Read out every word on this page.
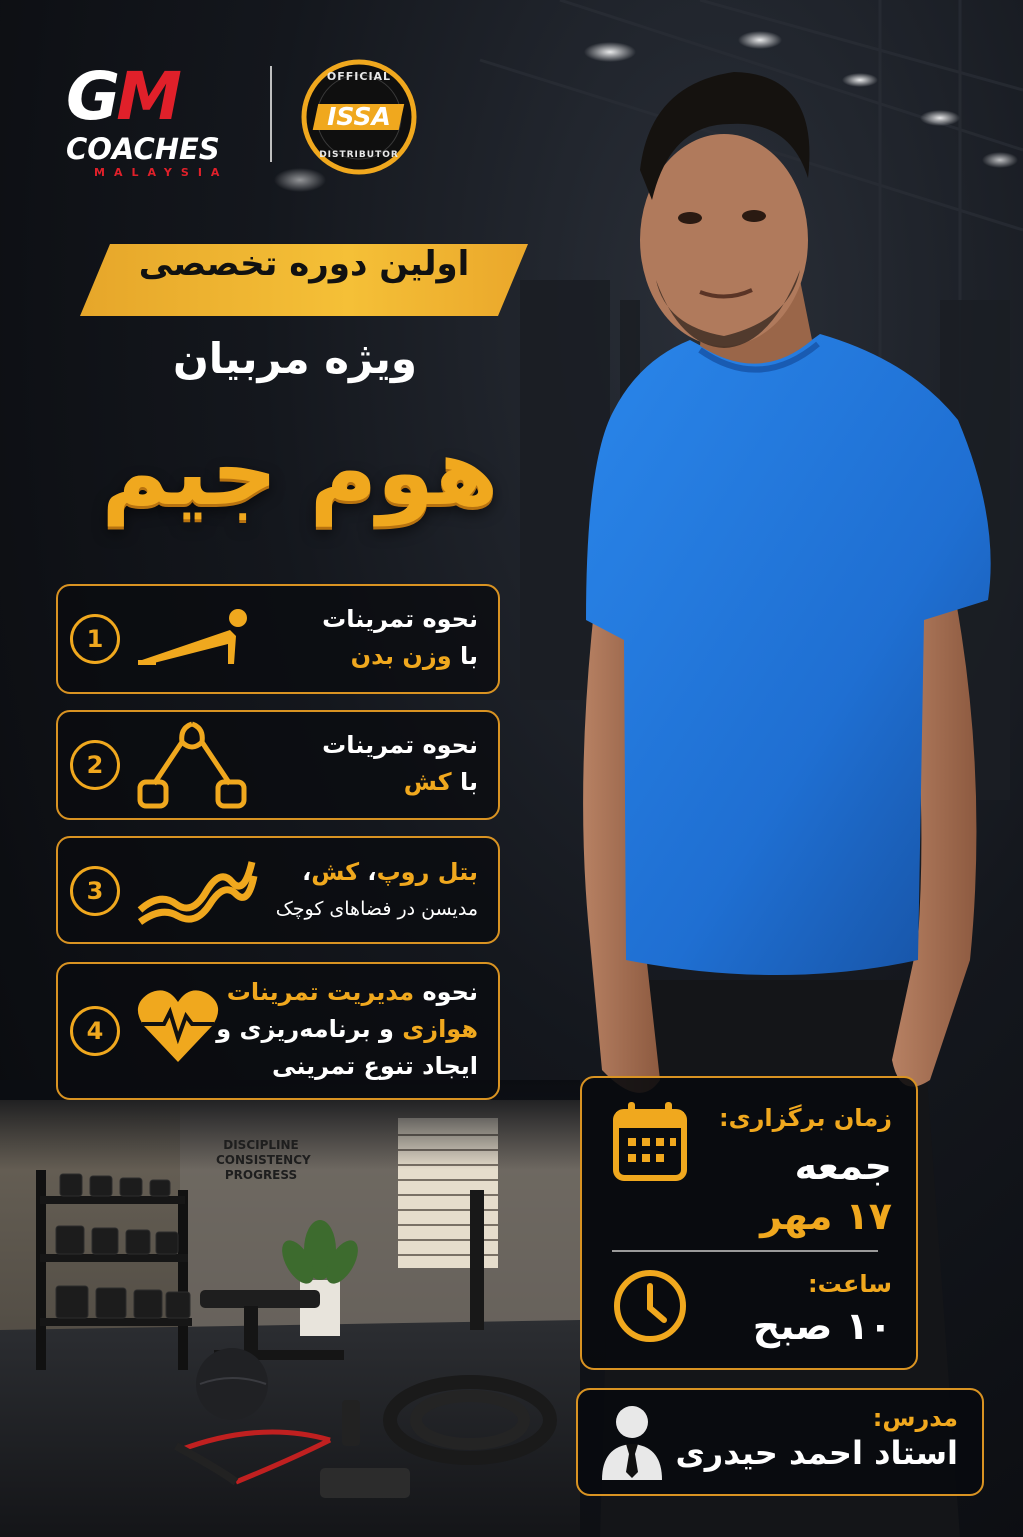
DISCIPLINE
CONSISTENCY
PROGRESS
GM
COACHES
MALAYSIA
OFFICIAL
ISSA
DISTRIBUTOR
اولین دوره تخصصی
ویژه مربیان
هوم جیم
1
نحوه تمرینات
با وزن بدن
2
نحوه تمرینات
با کش
3
بتل روپ، کش،
مدیسن در فضاهای کوچک
4
نحوه مدیریت تمرینات
هوازی و برنامه‌ریزی و
ایجاد تنوع تمرینی
زمان برگزاری:
جمعه
۱۷ مهر
ساعت:
۱۰ صبح
مدرس:
استاد احمد حیدری
